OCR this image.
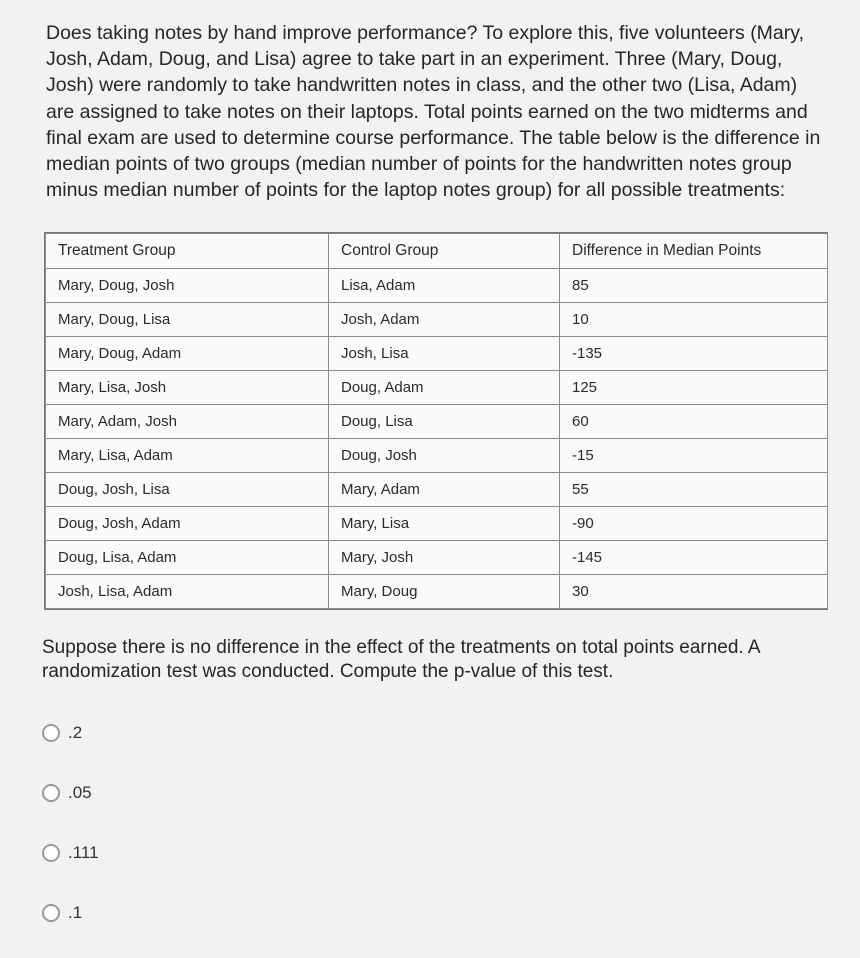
Does taking notes by hand improve performance? To explore this, five volunteers (Mary, Josh, Adam, Doug, and Lisa) agree to take part in an experiment. Three (Mary, Doug, Josh) were randomly to take handwritten notes in class, and the other two (Lisa, Adam) are assigned to take notes on their laptops. Total points earned on the two midterms and final exam are used to determine course performance. The table below is the difference in median points of two groups (median number of points for the handwritten notes group minus median number of points for the laptop notes group) for all possible treatments:

Treatment Group	Control Group	Difference in Median Points
Mary, Doug, Josh	Lisa, Adam	85
Mary, Doug, Lisa	Josh, Adam	10
Mary, Doug, Adam	Josh, Lisa	-135
Mary, Lisa, Josh	Doug, Adam	125
Mary, Adam, Josh	Doug, Lisa	60
Mary, Lisa, Adam	Doug, Josh	-15
Doug, Josh, Lisa	Mary, Adam	55
Doug, Josh, Adam	Mary, Lisa	-90
Doug, Lisa, Adam	Mary, Josh	-145
Josh, Lisa, Adam	Mary, Doug	30

Suppose there is no difference in the effect of the treatments on total points earned. A randomization test was conducted. Compute the p-value of this test.

.2
.05
.111
.1
